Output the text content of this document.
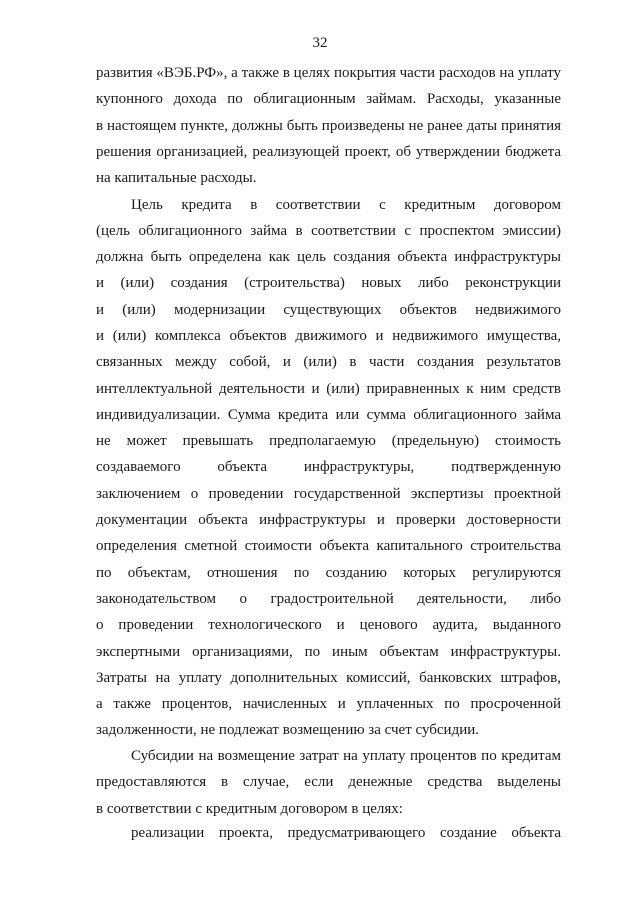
32
развития «ВЭБ.РФ», а также в целях покрытия части расходов на уплату
купонного дохода по облигационным займам. Расходы, указанные
в настоящем пункте, должны быть произведены не ранее даты принятия
решения организацией, реализующей проект, об утверждении бюджета
на капитальные расходы.
Цель кредита в соответствии с кредитным договором
(цель облигационного займа в соответствии с проспектом эмиссии)
должна быть определена как цель создания объекта инфраструктуры
и (или) создания (строительства) новых либо реконструкции
и (или) модернизации существующих объектов недвижимого
и (или) комплекса объектов движимого и недвижимого имущества,
связанных между собой, и (или) в части создания результатов
интеллектуальной деятельности и (или) приравненных к ним средств
индивидуализации. Сумма кредита или сумма облигационного займа
не может превышать предполагаемую (предельную) стоимость
создаваемого объекта инфраструктуры, подтвержденную
заключением о проведении государственной экспертизы проектной
документации объекта инфраструктуры и проверки достоверности
определения сметной стоимости объекта капитального строительства
по объектам, отношения по созданию которых регулируются
законодательством о градостроительной деятельности, либо
о проведении технологического и ценового аудита, выданного
экспертными организациями, по иным объектам инфраструктуры.
Затраты на уплату дополнительных комиссий, банковских штрафов,
а также процентов, начисленных и уплаченных по просроченной
задолженности, не подлежат возмещению за счет субсидии.
Субсидии на возмещение затрат на уплату процентов по кредитам
предоставляются в случае, если денежные средства выделены
в соответствии с кредитным договором в целях:
реализации проекта, предусматривающего создание объекта
